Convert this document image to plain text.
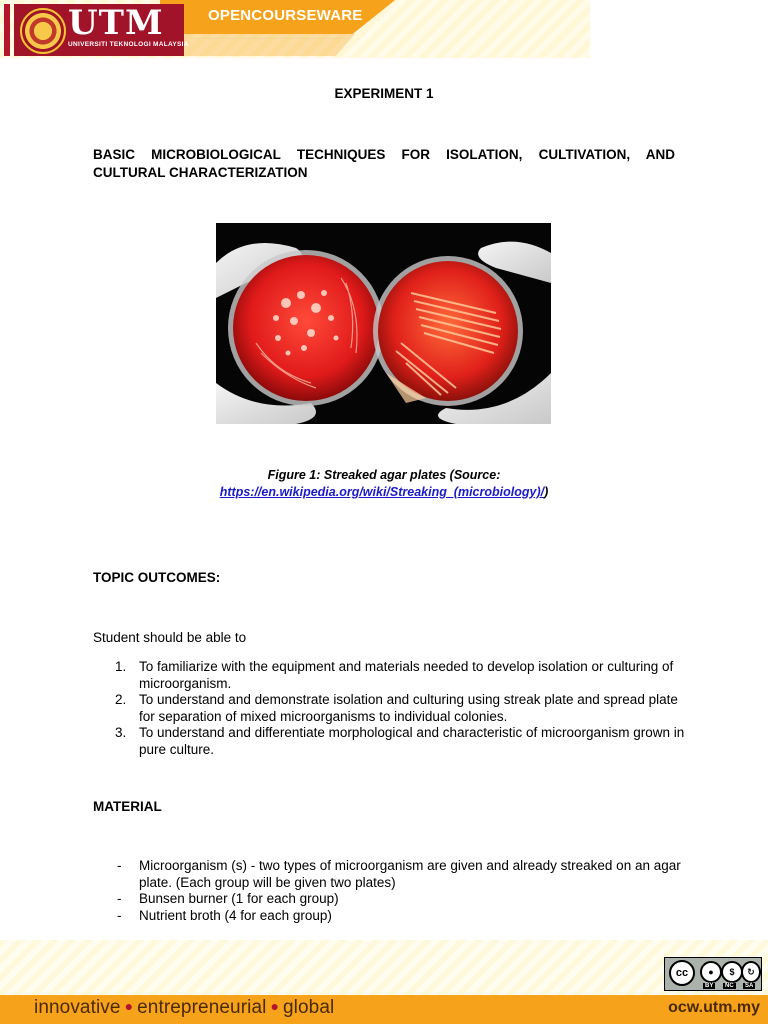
UTM
UNIVERSITI TEKNOLOGI MALAYSIA
OPENCOURSEWARE
EXPERIMENT 1
BASIC MICROBIOLOGICAL TECHNIQUES FOR ISOLATION, CULTIVATION, AND CULTURAL CHARACTERIZATION
Figure 1: Streaked agar plates (Source:
https://en.wikipedia.org/wiki/Streaking_(microbiology)/)
TOPIC OUTCOMES:
Student should be able to
1. To familiarize with the equipment and materials needed to develop isolation or culturing of microorganism.
2. To understand and demonstrate isolation and culturing using streak plate and spread plate for separation of mixed microorganisms to individual colonies.
3. To understand and differentiate morphological and characteristic of microorganism grown in pure culture.
MATERIAL
- Microorganism (s) - two types of microorganism are given and already streaked on an agar plate. (Each group will be given two plates)
- Bunsen burner (1 for each group)
- Nutrient broth (4 for each group)
cc	●	$	↻
BY	NC	SA
innovative ● entrepreneurial ● global	ocw.utm.my
